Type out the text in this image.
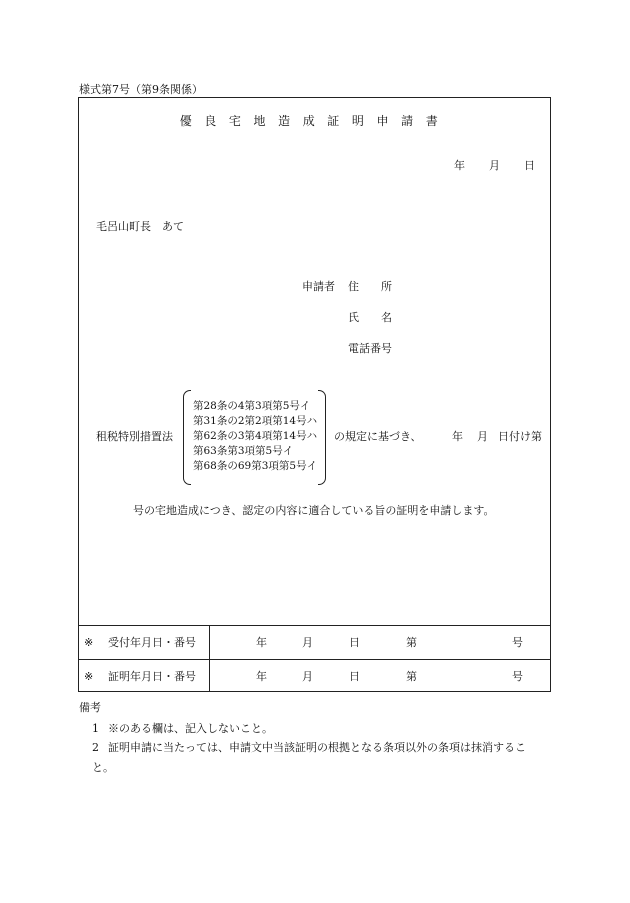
様式第7号（第9条関係）
優良宅地造成証明申請書
年 月 日
毛呂山町長　あて
申請者 住　　所
氏　　名
電話番号
租税特別措置法
第28条の4第3項第5号イ
第31条の2第2項第14号ハ
第62条の3第4項第14号ハ
第63条第3項第5号イ
第68条の69第3項第5号イ
の規定に基づき、	年 月 日付け第
号の宅地造成につき、認定の内容に適合している旨の証明を申請します。
※ 受付年月日・番号	年	月	日	第	号
※ 証明年月日・番号	年	月	日	第	号
備考
1 ※のある欄は、記入しないこと。
2 証明申請に当たっては、申請文中当該証明の根拠となる条項以外の条項は抹消するこ
と。
